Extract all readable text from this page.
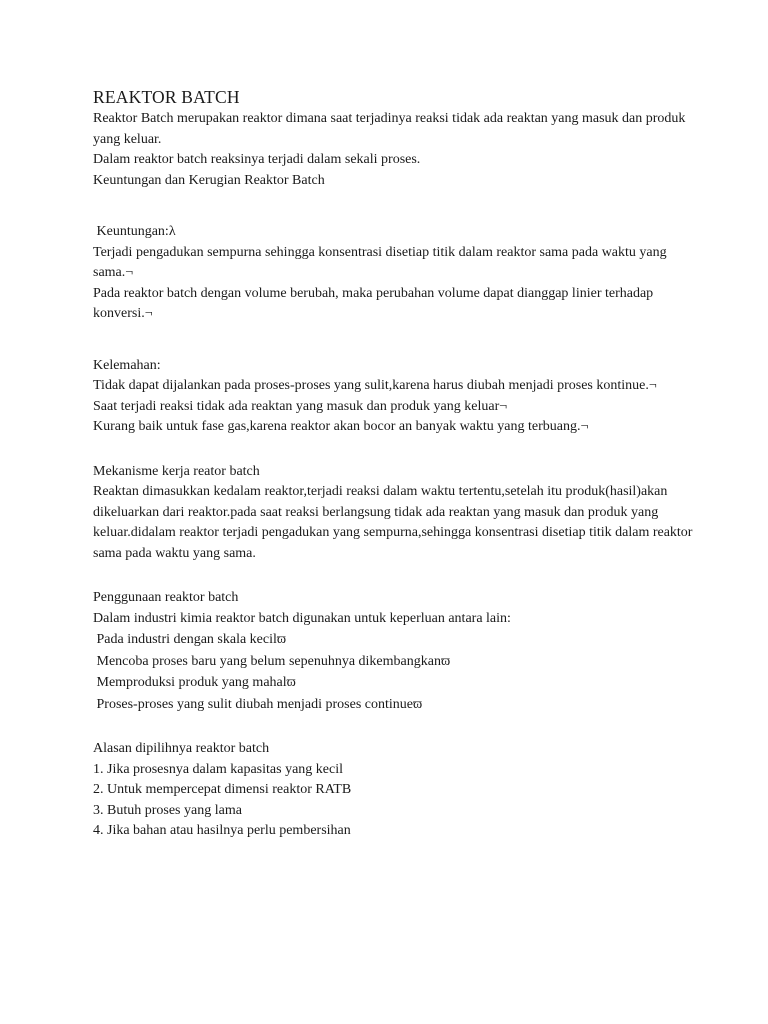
REAKTOR BATCH
Reaktor Batch merupakan reaktor dimana saat terjadinya reaksi tidak ada reaktan yang masuk dan produk yang keluar.
Dalam reaktor batch reaksinya terjadi dalam sekali proses.
Keuntungan dan Kerugian Reaktor Batch
Keuntungan:λ
Terjadi pengadukan sempurna sehingga konsentrasi disetiap titik dalam reaktor sama pada waktu yang sama.¬
Pada reaktor batch dengan volume berubah, maka perubahan volume dapat dianggap linier terhadap konversi.¬
Kelemahan:
Tidak dapat dijalankan pada proses-proses yang sulit,karena harus diubah menjadi proses kontinue.¬
Saat terjadi reaksi tidak ada reaktan yang masuk dan produk yang keluar¬
Kurang baik untuk fase gas,karena reaktor akan bocor an banyak waktu yang terbuang.¬
Mekanisme kerja reator batch
Reaktan dimasukkan kedalam reaktor,terjadi reaksi dalam waktu tertentu,setelah itu produk(hasil)akan dikeluarkan dari reaktor.pada saat reaksi berlangsung tidak ada reaktan yang masuk dan produk yang keluar.didalam reaktor terjadi pengadukan yang sempurna,sehingga konsentrasi disetiap titik dalam reaktor sama pada waktu yang sama.
Penggunaan reaktor batch
Dalam industri kimia reaktor batch digunakan untuk keperluan antara lain:
Pada industri dengan skala kecilϖ
Mencoba proses baru yang belum sepenuhnya dikembangkanϖ
Memproduksi produk yang mahalϖ
Proses-proses yang sulit diubah menjadi proses continueϖ
Alasan dipilihnya reaktor batch
1. Jika prosesnya dalam kapasitas yang kecil
2. Untuk mempercepat dimensi reaktor RATB
3. Butuh proses yang lama
4. Jika bahan atau hasilnya perlu pembersihan
